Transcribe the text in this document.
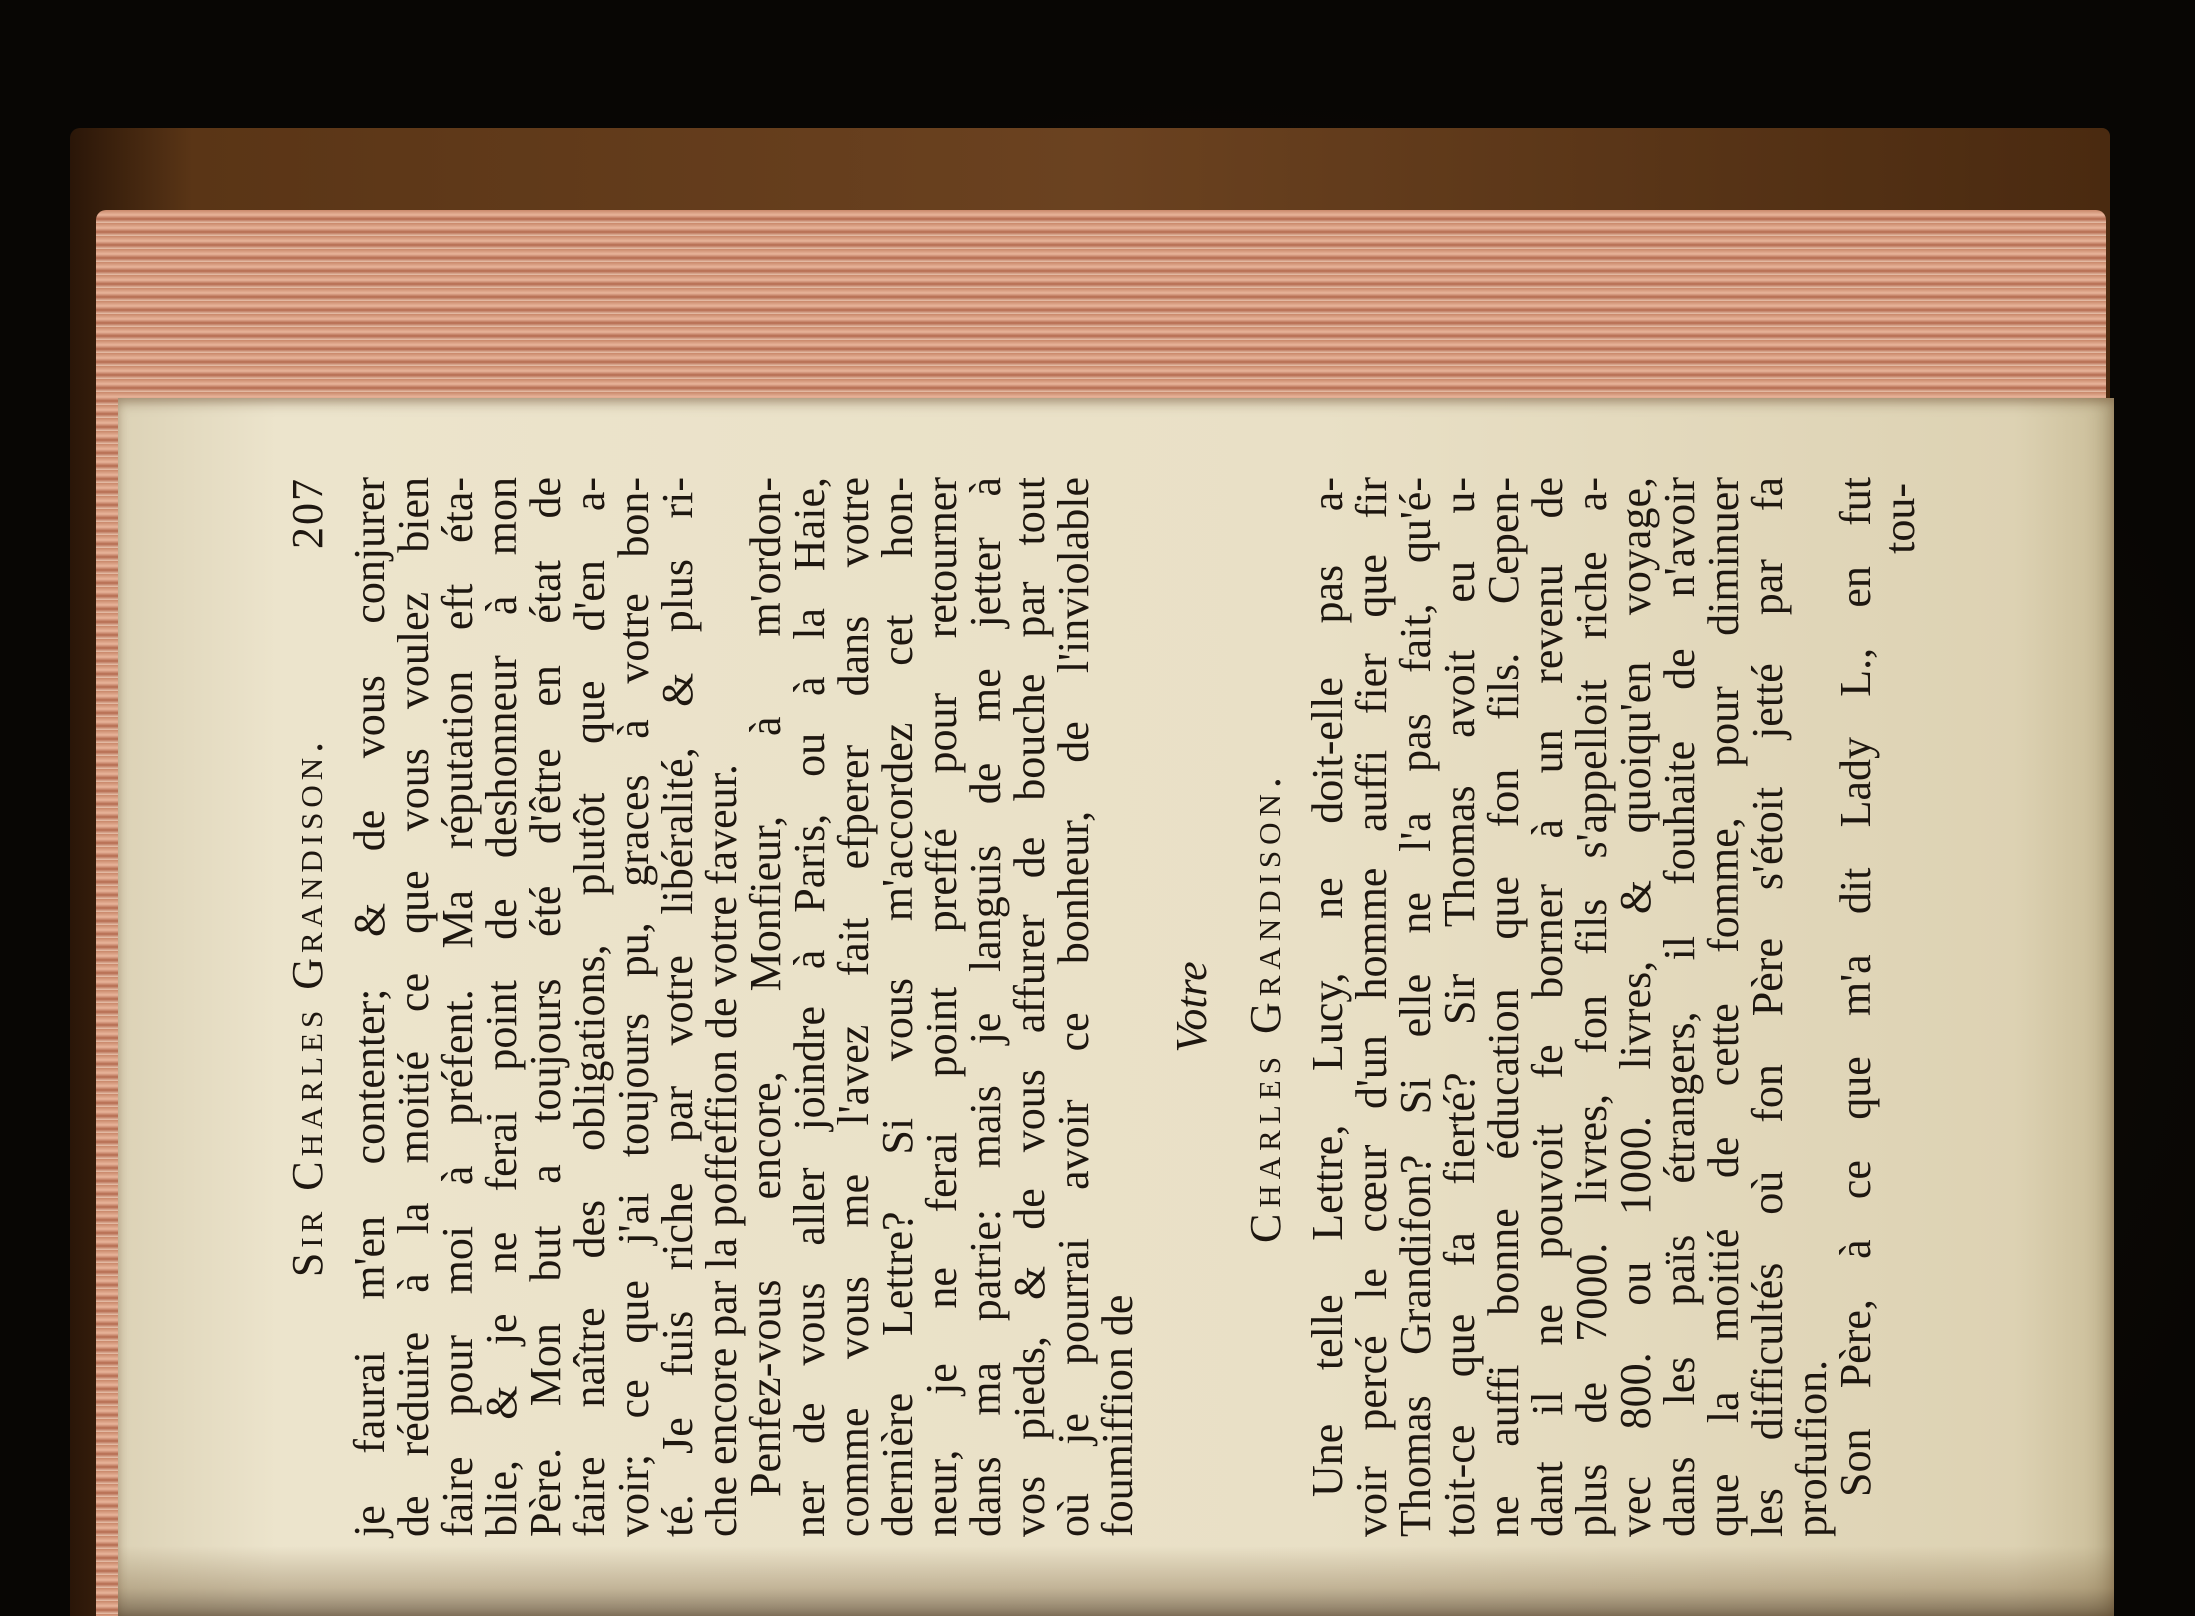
Sir Charles Grandison.
207 je faurai m'en contenter; & de vous conjurer
de réduire à la moitié ce que vous voulez bien
faire pour moi à préfent. Ma réputation eft éta-
blie, & je ne ferai point de deshonneur à mon
Père. Mon but a toujours été d'être en état de
faire naître des obligations, plutôt que d'en a-
voir; ce que j'ai toujours pu, graces à votre bon-
té. Je fuis riche par votre libéralité, & plus ri-
che encore par la poffeffion de votre faveur.
Penfez-vous encore, Monfieur, à m'ordon-
ner de vous aller joindre à Paris, ou à la Haie,
comme vous me l'avez fait efperer dans votre
dernière Lettre? Si vous m'accordez cet hon-
neur, je ne ferai point preffé pour retourner
dans ma patrie: mais je languis de me jetter à
vos pieds, & de vous affurer de bouche par tout
où je pourrai avoir ce bonheur, de l'inviolable
foumiffion de
Votre Charles Grandison. Une telle Lettre, Lucy, ne doit-elle pas a-
voir percé le cœur d'un homme auffi fier que fir
Thomas Grandifon? Si elle ne l'a pas fait, qu'é-
toit-ce que fa fierté? Sir Thomas avoit eu u-
ne auffi bonne éducation que fon fils. Cepen-
dant il ne pouvoit fe borner à un revenu de
plus de 7000. livres, fon fils s'appelloit riche a-
vec 800. ou 1000. livres, & quoiqu'en voyage,
dans les païs étrangers, il fouhaite de n'avoir
que la moitié de cette fomme, pour diminuer
les difficultés où fon Père s'étoit jetté par fa
profufion.
Son Père, à ce que m'a dit Lady L., en fut
tou-
